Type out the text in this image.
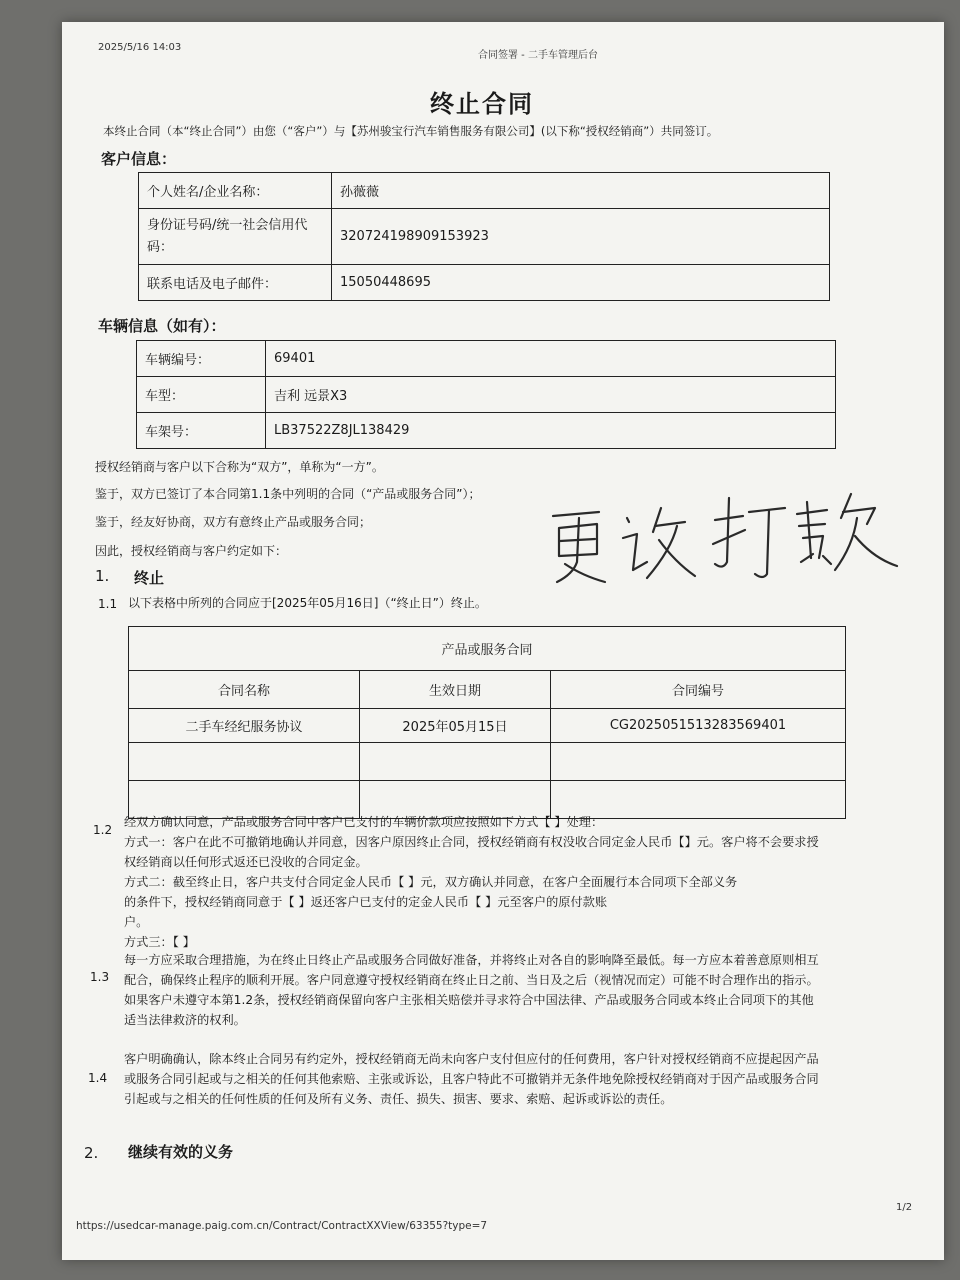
2025/5/16 14:03
合同签署 - 二手车管理后台
终止合同
本终止合同（本“终止合同”）由您（“客户”）与【苏州骏宝行汽车销售服务有限公司】(以下称“授权经销商”）共同签订。
客户信息：
个人姓名/企业名称：	孙薇薇
身份证号码/统一社会信用代码：	320724198909153923
联系电话及电子邮件：	15050448695
车辆信息（如有）：
车辆编号：	69401
车型：	吉利 远景X3
车架号：	LB37522Z8JL138429
授权经销商与客户以下合称为“双方”，单称为“一方”。
鉴于，双方已签订了本合同第1.1条中列明的合同（“产品或服务合同”）；
鉴于，经友好协商，双方有意终止产品或服务合同；
因此，授权经销商与客户约定如下：
1. 终止
1.1 以下表格中所列的合同应于[2025年05月16日]（“终止日”）终止。
产品或服务合同		
合同名称	生效日期	合同编号
二手车经纪服务协议	2025年05月15日	CG2025051513283569401

1.2
经双方确认同意，产品或服务合同中客户已支付的车辆价款项应按照如下方式【 】处理：
方式一：客户在此不可撤销地确认并同意，因客户原因终止合同，授权经销商有权没收合同定金人民币【】元。客户将不会要求授
权经销商以任何形式返还已没收的合同定金。
方式二：截至终止日，客户共支付合同定金人民币【 】元，双方确认并同意，在客户全面履行本合同项下全部义务
的条件下，授权经销商同意于【 】返还客户已支付的定金人民币【 】元至客户的原付款账
户。
方式三：【 】
1.3
每一方应采取合理措施，为在终止日终止产品或服务合同做好准备，并将终止对各自的影响降至最低。每一方应本着善意原则相互
配合，确保终止程序的顺利开展。客户同意遵守授权经销商在终止日之前、当日及之后（视情况而定）可能不时合理作出的指示。
如果客户未遵守本第1.2条，授权经销商保留向客户主张相关赔偿并寻求符合中国法律、产品或服务合同或本终止合同项下的其他
适当法律救济的权利。
1.4
客户明确确认，除本终止合同另有约定外，授权经销商无尚未向客户支付但应付的任何费用，客户针对授权经销商不应提起因产品
或服务合同引起或与之相关的任何其他索赔、主张或诉讼，且客户特此不可撤销并无条件地免除授权经销商对于因产品或服务合同
引起或与之相关的任何性质的任何及所有义务、责任、损失、损害、要求、索赔、起诉或诉讼的责任。
2. 继续有效的义务
https://usedcar-manage.paig.com.cn/Contract/ContractXXView/63355?type=7
1/2
